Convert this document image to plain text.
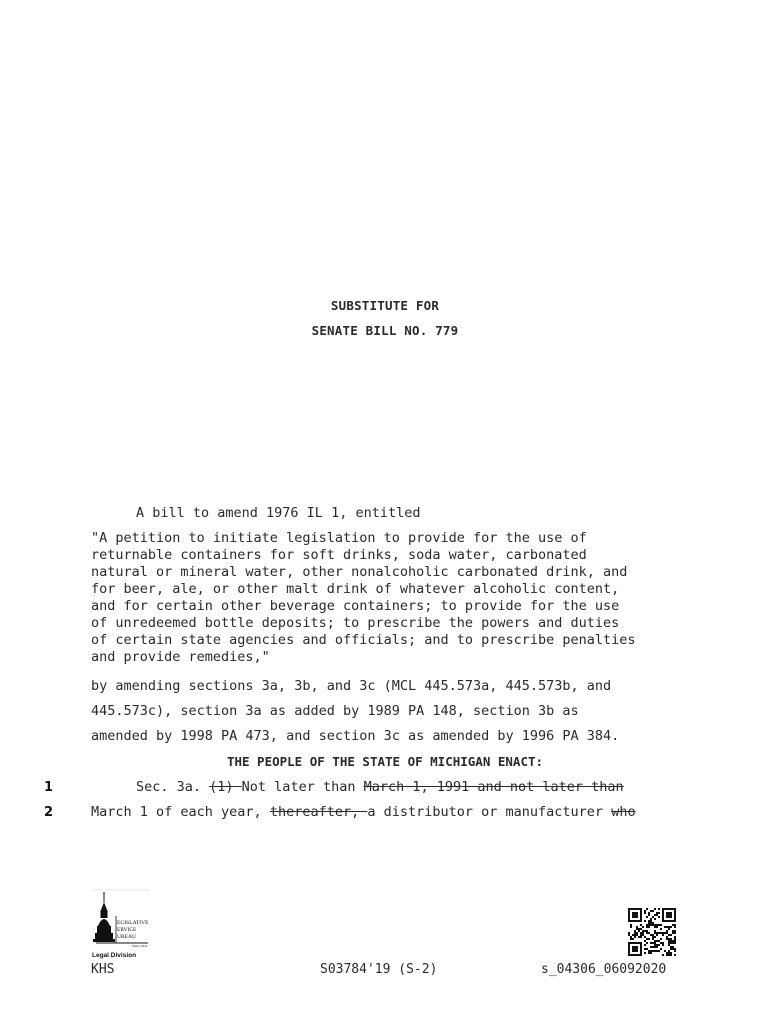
SUBSTITUTE FOR
SENATE BILL NO. 779
A bill to amend 1976 IL 1, entitled
"A petition to initiate legislation to provide for the use of
returnable containers for soft drinks, soda water, carbonated
natural or mineral water, other nonalcoholic carbonated drink, and
for beer, ale, or other malt drink of whatever alcoholic content,
and for certain other beverage containers; to provide for the use
of unredeemed bottle deposits; to prescribe the powers and duties
of certain state agencies and officials; and to prescribe penalties
and provide remedies,"
by amending sections 3a, 3b, and 3c (MCL 445.573a, 445.573b, and
445.573c), section 3a as added by 1989 PA 148, section 3b as
amended by 1998 PA 473, and section 3c as amended by 1996 PA 384.
THE PEOPLE OF THE STATE OF MICHIGAN ENACT:
1	Sec. 3a. (1) Not later than March 1, 1991 and not later than
2	March 1 of each year, thereafter, a distributor or manufacturer who
EGISLATIVE
ERVICE
UREAU
Since 1941
Legal Division
KHS	S03784'19 (S-2)	s_04306_06092020
